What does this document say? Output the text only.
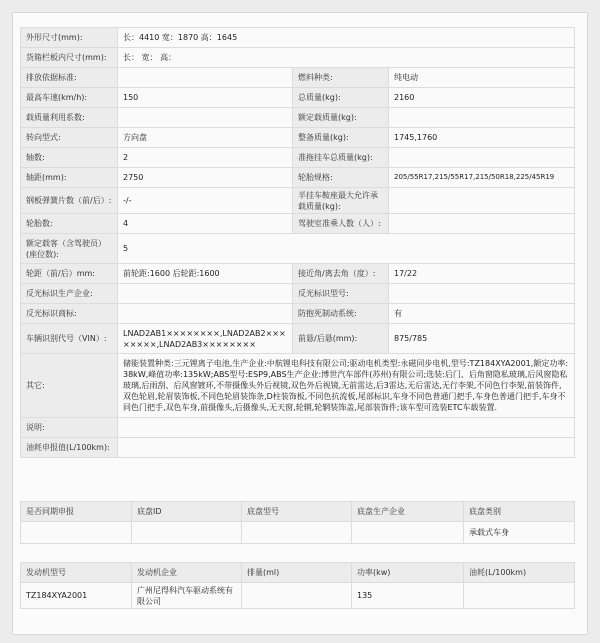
外形尺寸(mm):	长：4410 宽：1870 高：1645		
货箱栏板内尺寸(mm):	长： 宽： 高：		
排放依据标准:		燃料种类:	纯电动
最高车速(km/h):	150	总质量(kg):	2160
载质量利用系数:		额定载质量(kg):	
转向型式:	方向盘	整备质量(kg):	1745,1760
轴数:	2	准拖挂车总质量(kg):	
轴距(mm):	2750	轮胎规格:	205/55R17,215/55R17,215/50R18,225/45R19
钢板弹簧片数（前/后）:	-/-	半挂车鞍座最大允许承载质量(kg):	
轮胎数:	4	驾驶室准乘人数（人）:	
额定载客（含驾驶员）(座位数):	5		
轮距（前/后）mm:	前轮距:1600 后轮距:1600	接近角/离去角（度）:	17/22
反光标识生产企业:		反光标识型号:	
反光标识商标:		防抱死制动系统:	有
车辆识别代号（VIN）:	LNAD2AB1××××××××,LNAD2AB2××××××××,LNAD2AB3××××××××	前悬/后悬(mm):	875/785
其它:	储能装置种类:三元锂离子电池,生产企业:中航锂电科技有限公司;驱动电机类型:永磁同步电机,型号:TZ184XYA2001,额定功率:38kW,峰值功率:135kW;ABS型号:ESP9,ABS生产企业:博世汽车部件(苏州)有限公司;选装:后门、后角窗隐私玻璃,后风窗隐私玻璃,后雨刮、后风窗镀环,不带摄像头外后视镜,双色外后视镜,无前雷达,后3雷达,无后雷达,无行李架,不同色行李架,前装饰件,双色轮眉,轮眉装饰板,不同色轮眉装饰条,D柱装饰板,不同色抗流板,尾部标识,车身不同色普通门把手,车身色普通门把手,车身不同色门把手,双色车身,前摄像头,后摄像头,无天窗,轮辋,轮辋装饰盖,尾部装饰件;该车型可选装ETC车载装置.		
说明:			
油耗申报值(L/100km):			
是否同期申报	底盘ID	底盘型号	底盘生产企业	底盘类别
				承载式车身
发动机型号	发动机企业	排量(ml)	功率(kw)	油耗(L/100km)
TZ184XYA2001	广州尼得科汽车驱动系统有限公司		135	
